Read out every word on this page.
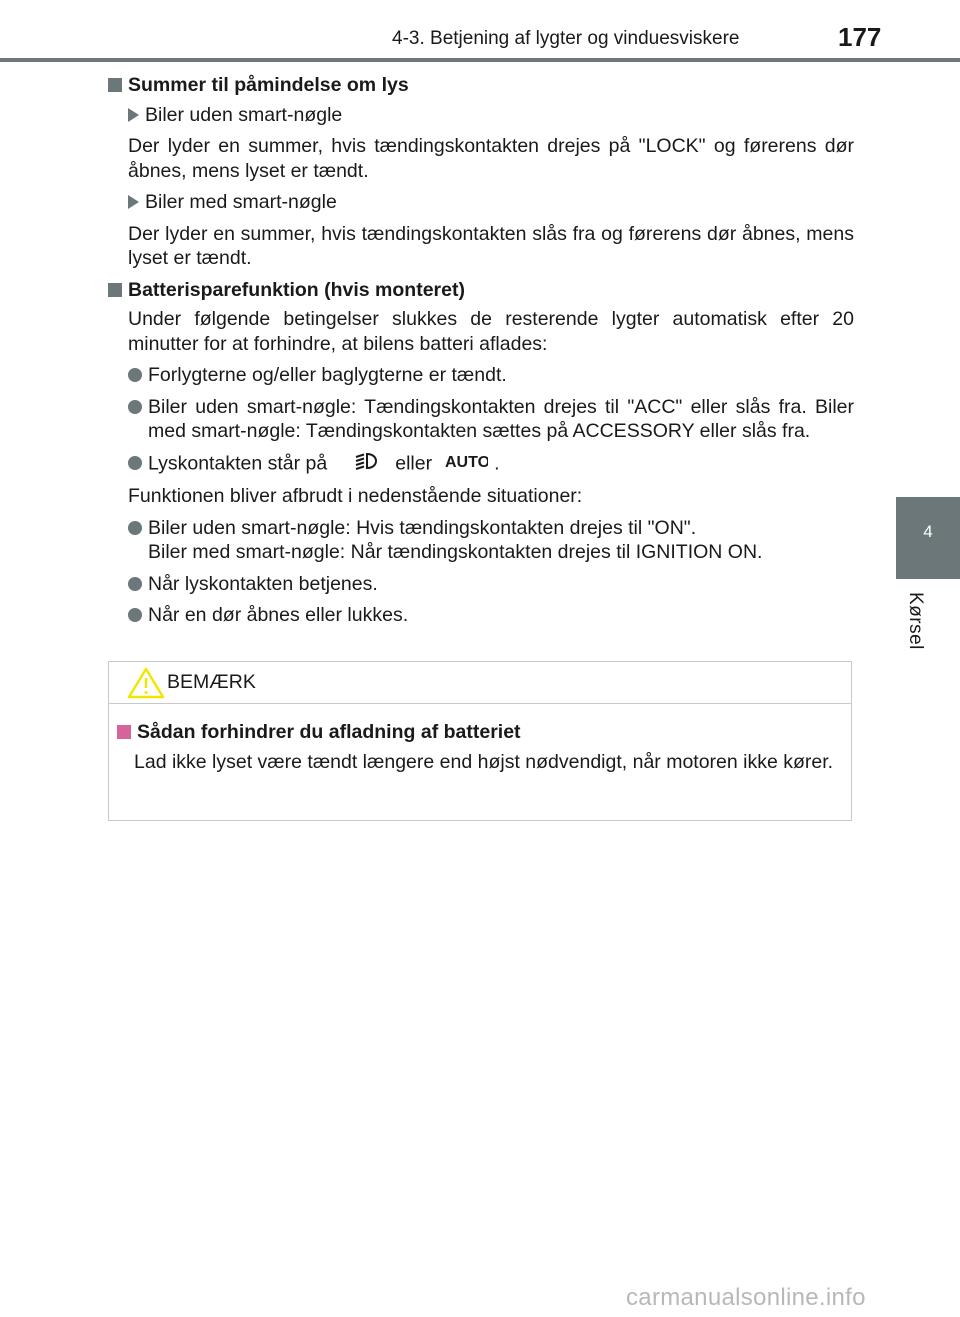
4-3. Betjening af lygter og vinduesviskere	177
4
Kørsel
Summer til påmindelse om lys
Biler uden smart-nøgle
Der lyder en summer, hvis tændingskontakten drejes på "LOCK" og førerens dør åbnes, mens lyset er tændt.
Biler med smart-nøgle
Der lyder en summer, hvis tændingskontakten slås fra og førerens dør åbnes, mens lyset er tændt.
Batterisparefunktion (hvis monteret)
Under følgende betingelser slukkes de resterende lygter automatisk efter 20 minutter for at forhindre, at bilens batteri aflades:
Forlygterne og/eller baglygterne er tændt.
Biler uden smart-nøgle: Tændingskontakten drejes til "ACC" eller slås fra. Biler med smart-nøgle: Tændingskontakten sættes på ACCESSORY eller slås fra.
Lyskontakten står på	eller AUTO .
Funktionen bliver afbrudt i nedenstående situationer:
Biler uden smart-nøgle: Hvis tændingskontakten drejes til "ON".
Biler med smart-nøgle: Når tændingskontakten drejes til IGNITION ON.
Når lyskontakten betjenes.
Når en dør åbnes eller lukkes.
BEMÆRK
Sådan forhindrer du afladning af batteriet
Lad ikke lyset være tændt længere end højst nødvendigt, når motoren ikke kører.
carmanualsonline.info
